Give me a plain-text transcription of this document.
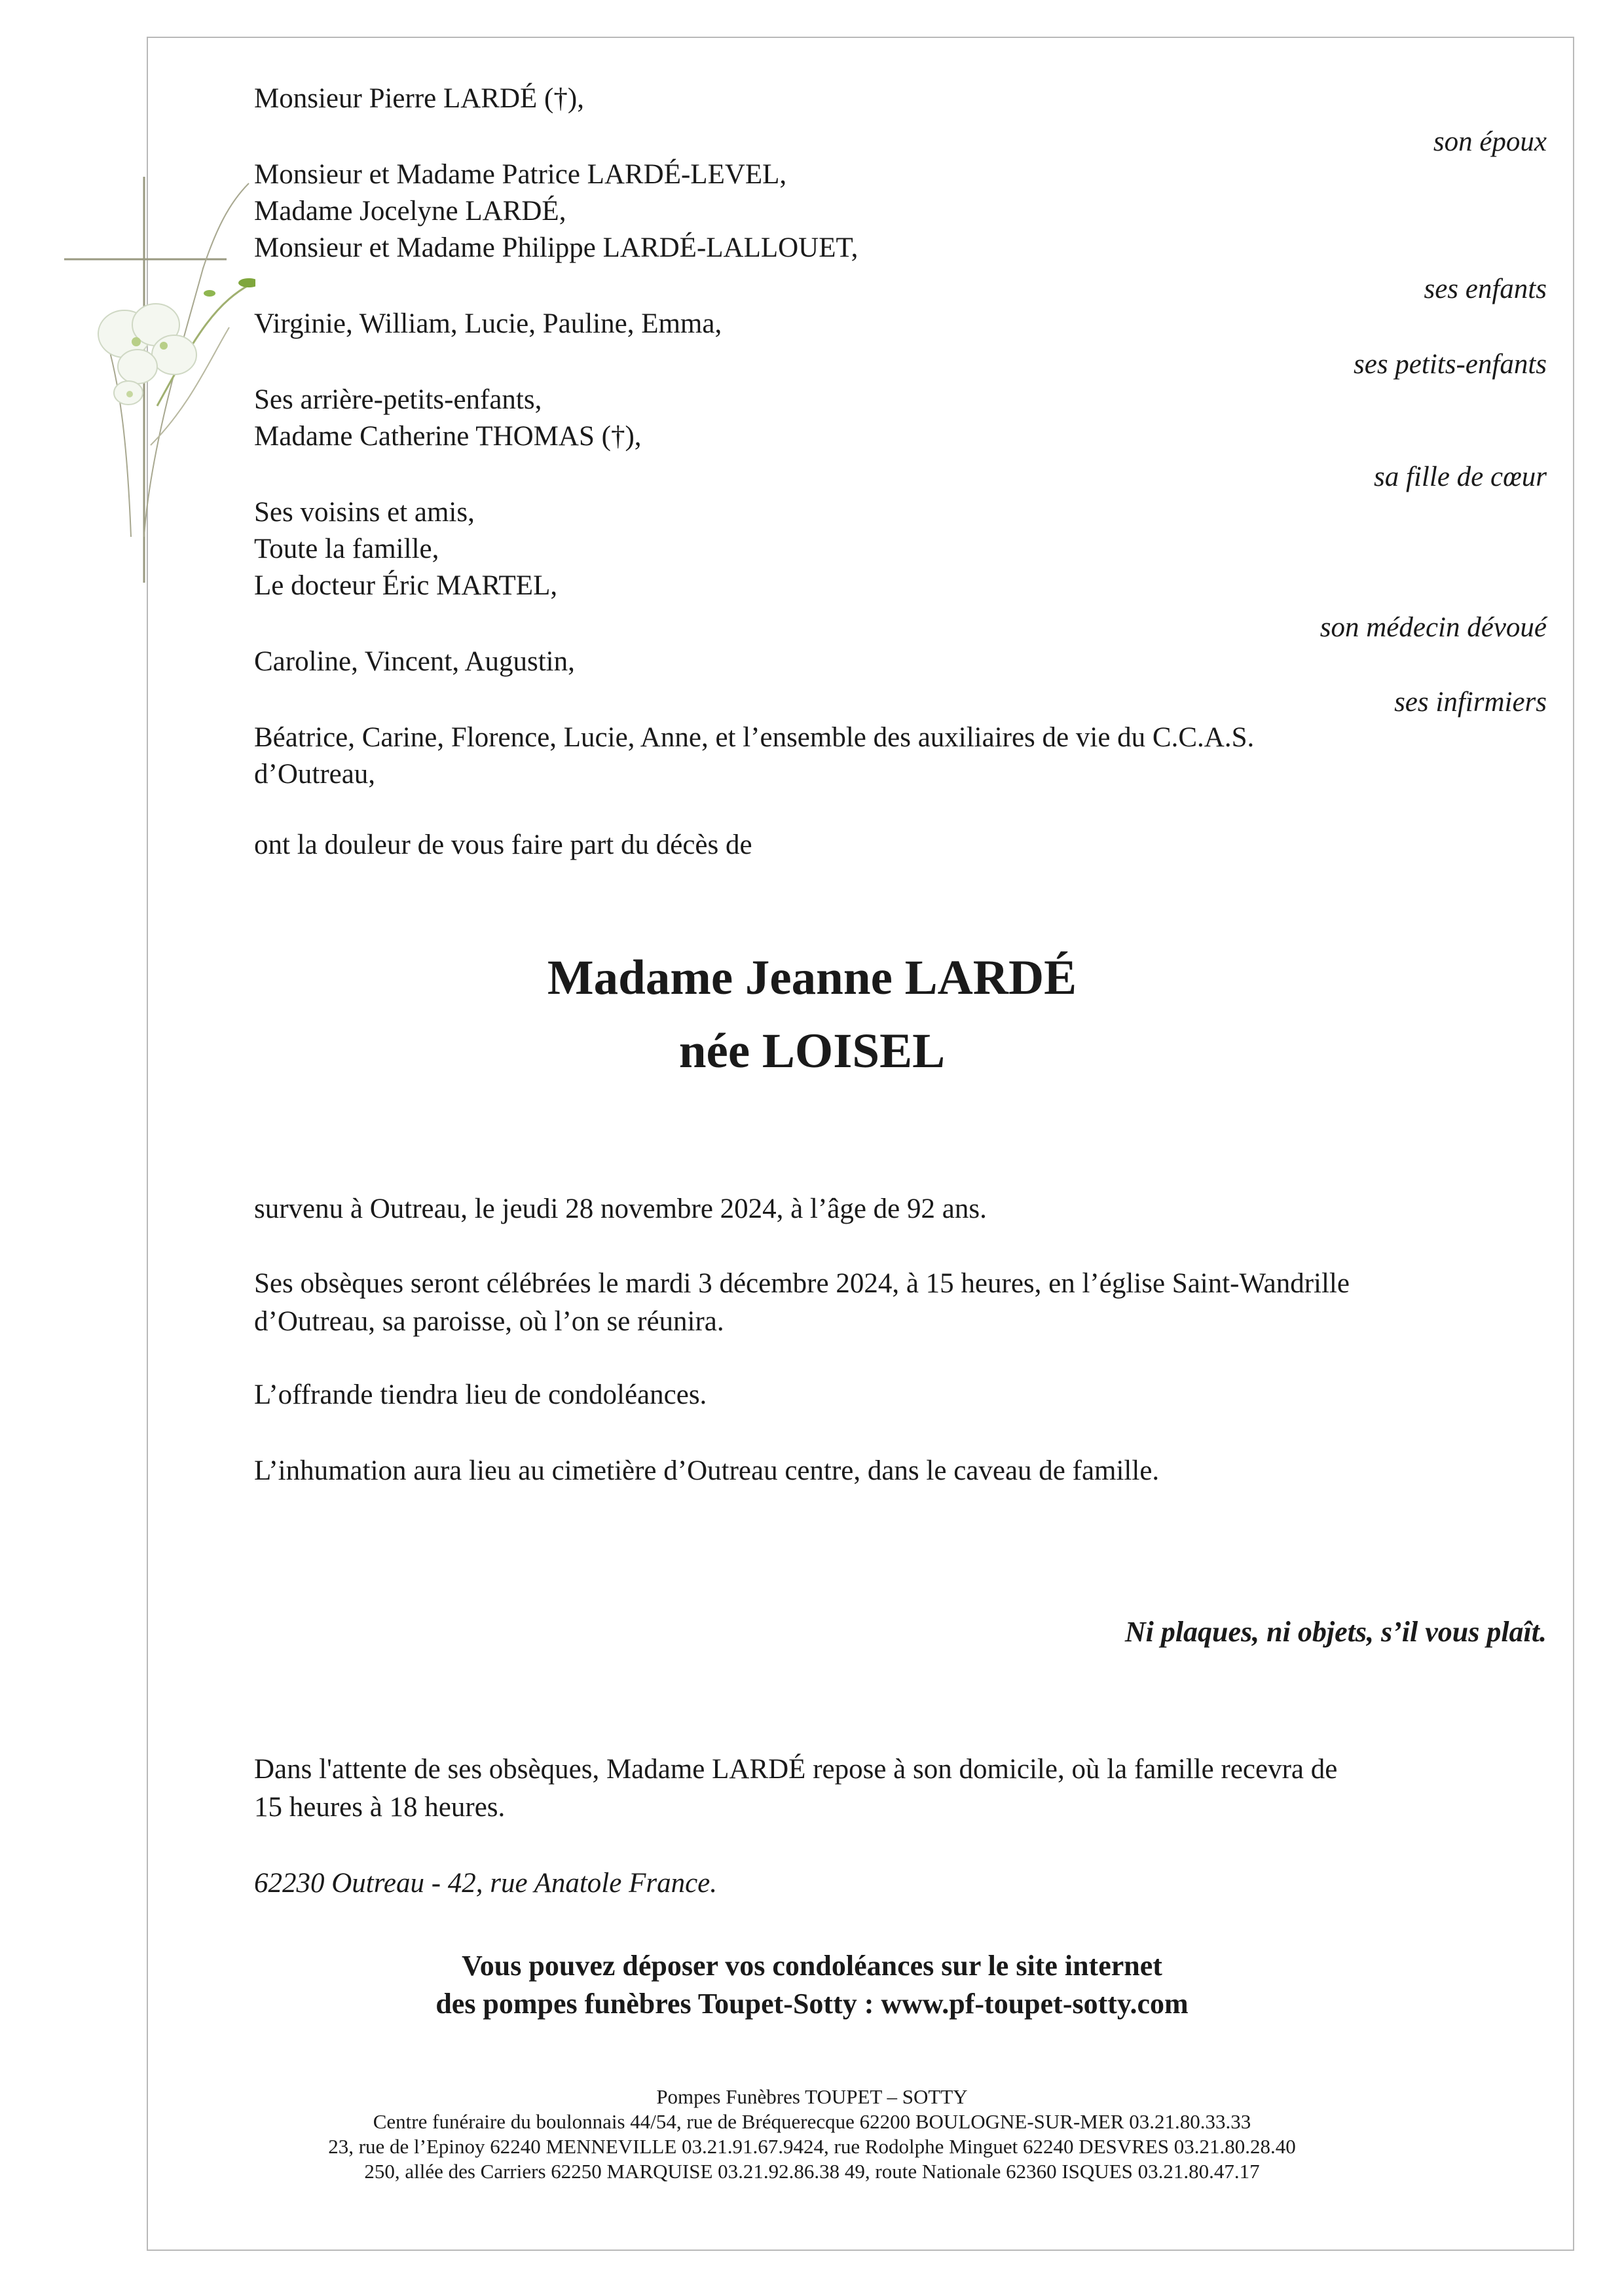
Monsieur Pierre LARDÉ (†),
son époux
Monsieur et Madame Patrice LARDÉ-LEVEL,
Madame Jocelyne LARDÉ,
Monsieur et Madame Philippe LARDÉ-LALLOUET,
ses enfants
Virginie, William, Lucie, Pauline, Emma,
ses petits-enfants
Ses arrière-petits-enfants,
Madame Catherine THOMAS (†),
sa fille de cœur
Ses voisins et amis,
Toute la famille,
Le docteur Éric MARTEL,
son médecin dévoué
Caroline, Vincent, Augustin,
ses infirmiers
Béatrice, Carine, Florence, Lucie, Anne, et l’ensemble des auxiliaires de vie du C.C.A.S.
d’Outreau,
ont la douleur de vous faire part du décès de
Madame Jeanne LARDÉ
née LOISEL
survenu à Outreau, le jeudi 28 novembre 2024, à l’âge de 92 ans.
Ses obsèques seront célébrées le mardi 3 décembre 2024, à 15 heures, en l’église Saint-Wandrille
d’Outreau, sa paroisse, où l’on se réunira.
L’offrande tiendra lieu de condoléances.
L’inhumation aura lieu au cimetière d’Outreau centre, dans le caveau de famille.
Ni plaques, ni objets, s’il vous plaît.
Dans l'attente de ses obsèques, Madame LARDÉ repose à son domicile, où la famille recevra de
15 heures à 18 heures.
62230 Outreau - 42, rue Anatole France.
Vous pouvez déposer vos condoléances sur le site internet
des pompes funèbres Toupet-Sotty : www.pf-toupet-sotty.com
Pompes Funèbres TOUPET – SOTTY
Centre funéraire du boulonnais 44/54, rue de Bréquerecque 62200 BOULOGNE-SUR-MER 03.21.80.33.33
23, rue de l’Epinoy 62240 MENNEVILLE 03.21.91.67.9424, rue Rodolphe Minguet 62240 DESVRES 03.21.80.28.40
250, allée des Carriers 62250 MARQUISE 03.21.92.86.38 49, route Nationale 62360 ISQUES 03.21.80.47.17
